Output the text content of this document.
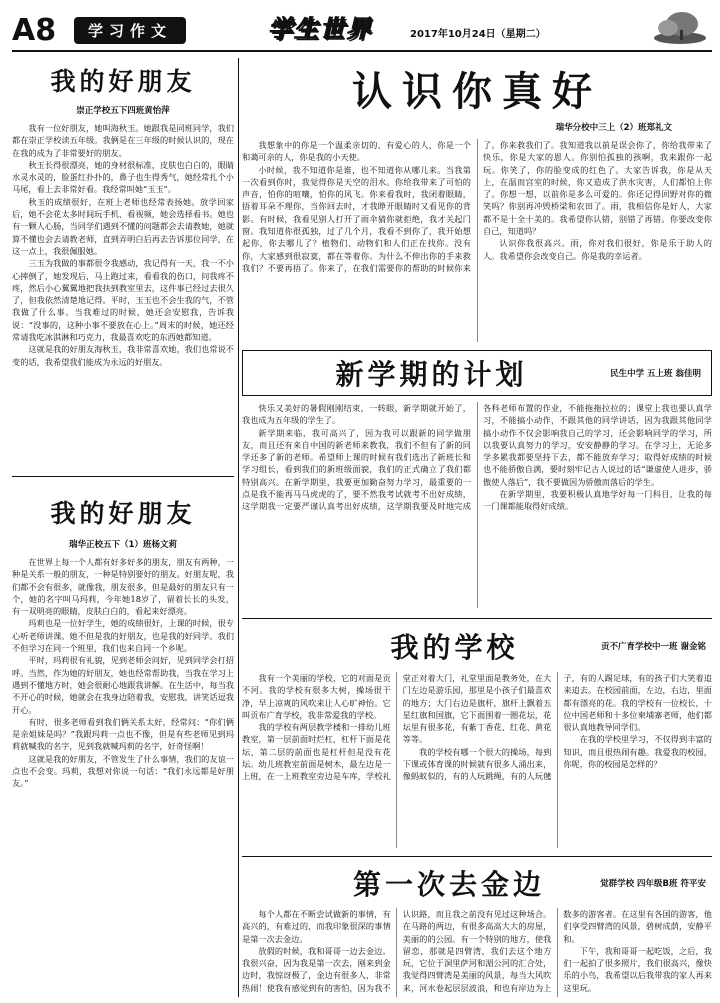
A8	学习作文	学生世界	2017年10月24日（星期二）
我的好朋友
崇正学校五下四班黄怡萍

我有一位好朋友，她叫海秋玉。她跟我是同班同学，我们都在崇正学校读五年级。我俩是在三年级的时候认识的，现在在我的成为了非常要好的朋友。

秋玉长得很漂亮，她的身材很标准，皮肤也白白的，眼睛水灵水灵的，脸蛋红扑扑的，鼻子也生得秀气，她经常扎个小马尾，看上去非常好看。我经常叫她“玉玉”。

秋玉的成绩很好，在班上老师也经常表扬她。放学回家后，她不会花太多时间玩手机、看视频，她会选择看书。她也有一颗人心肠，当同学们遇到不懂的问题都会去请教她，她就算不懂也会去请教老师，直到弄明白后再去告诉那位同学，在这一点上，我很佩服她。

三玉为我做的事都很令我感动，我记得有一天，我一不小心摔倒了，她发现后，马上跑过来，看看我的伤口，问我疼不疼，然后小心翼翼地把我扶到教室里去，这件事已经过去很久了，但我依然清楚地记得。平时，玉玉也不会生我的气，不管我做了什么事。当我难过的时候，她还会安慰我，告诉我说：“没事的，这种小事不要放在心上。”周末的时候，她还经常请我吃冰淇淋和巧克力，我最喜欢吃的东西她都知道。

这就是我的好朋友海秋玉，我非常喜欢她，我们也常说不变的话，我希望我们能成为永远的好朋友。

我的好朋友
瑞华正校五下（1）班杨文莉

在世界上每一个人都有好多好多的朋友，朋友有两种，一种是关系一般的朋友，一种是特别要好的朋友。好朋友呢，我们都不会有很多，就像我，朋友很多，但是最好的朋友只有一个，她的名字叫马玛莉，今年她18岁了，留着长长的头发，有一双明亮的眼睛，皮肤白白的，看起来好漂亮。

玛莉也是一位好学生，她的成绩很好，上课的时候，很专心听老师讲课。她不但是我的好朋友，也是我的好同学。我们不但学习在同一个班里，我们也来自同一个乡呢。

平时，玛莉很有礼貌，见到老师会问好，见到同学会打招呼。当然，作为她的好朋友，她也经常帮助我，当我在学习上遇到不懂地方时，她会很耐心地跟我讲解。在生活中，每当我不开心的时候，她就会在我身边陪着我，安慰我，讲笑话逗我开心。

有时，很多老师看到我们俩关系太好，经常问：“你们俩是亲姐妹是吗？”我跟玛莉一点也不像，但是有些老师见到玛莉就喊我的名字，见到我就喊玛莉的名字，好奇怪啊！

这就是我的好朋友，不管发生了什么事情，我们的友谊一点也不会变。玛莉，我想对你说一句话：“我们永远都是好朋友。”

认识你真好
瑞华分校中三上（2）班郑礼文

我想象中的你是一个温柔亲切的、有爱心的人，你是一个和蔼可亲的人，你是我的小天使。

小时候，我不知道你是谁，也不知道你从哪儿来。当我第一次看到你时，我觉得你是天空的泪水。你给我带来了可怕的声音，怕你的喧嚷，怕你的风飞。你来看我时，我闭着眼睛，捂着耳朵不理你，当你回去时，才我睁开眼睛时又看见你的背影。有时候，我看见别人打开了雨伞猜你就拒绝，我才关起门窗。我知道你很孤独，过了几个月，我看不到你了，我开始想起你，你去哪儿了？植物们、动物们和人们正在找你。没有你，大家感到很寂寞，都在等着你。为什么不伸出你的手来救我们？不要再捂了。你来了，在我们需要你的帮助的时候你来了。你来救我们了。我知道我以前是误会你了，你给我带来了快乐，你是大家的恩人。你别怕孤独的孩啊，我来跟你一起玩。你笑了，你的脸变成的红色了。大家告诉我，你是从天上，在温而宫室的时候，你又造成了洪水灾害，人们都怕上你了。你想一想，以前你是多么可爱的。你还记得回野对你的微笑吗？你别再冲毁桥梁和农田了。雨，我相信你是好人，大家都不是十全十美的。我希望你认错，别错了再错。你要改变你自己，知道吗？

认识你我很高兴。雨，你对我们很好，你是乐于助人的人。我希望你会改变自己。你是我的幸运者。

新学期的计划	民生中学 五上班 翁佳明

快乐又美好的暑假刚刚结束，一转眼，新学期就开始了，我也成为五年级的学生了。

新学期来临，我可高兴了，因为我可以跟新的同学做朋友，而且还有来自中国的新老师来教我，我们不但有了新的同学还多了新的老师。希望师上课的时候有我们选出了新班长和学习组长，看到我们的新班级面貌，我们的正式确立了我们都特别高兴。在新学期里，我要更加勤奋努力学习，最重要的一点是我不能再马马虎虎的了，要不然我考试就考不出好成绩，这学期我一定要严谨认真考出好成绩，这学期我要及时地完成各科老师布置的作业，不能拖拖拉拉的；课堂上我也要认真学习，不能搞小动作，不跟其他的同学讲话，因为我跟其他同学搞小动作不仅会影响我自己的学习，还会影响同学的学习，所以我要认真努力的学习，安安静静的学习。在学习上，无论多学多累我都要坚持下去，都不能放弃学习；取得好成绩的时候也不能骄傲自满，要时刻牢记古人说过的话“谦虚使人进步，骄傲使人落后”，我不要做因为骄傲而落后的学生。

在新学期里，我要积极认真地学好每一门科目，让我的每一门课都能取得好成绩。

我的学校	贡不广育学校中一班 谢金铭

我有一个美丽的学校，它的对面是贡不河。我的学校有很多大树，操场很干净，早上凉爽的风吹来让人心旷神怡。它叫贡布广育学校，我非常爱我的学校。

我的学校有两层教学楼和一排幼儿班教室，第一层前面时烂杠，杠杆下面是花坛，第二层的前面也是杠杆但是没有花坛。幼儿班教室前面是树木，最左边是一上班，在一上班教室旁边是车库，学校礼堂正对着大门，礼堂里面是教务处，在大门左边是游乐园，那里是小孩子们最喜欢的地方；大门右边是旗杆，旗杆上飘着五星红旗和国旗，它下面围着一圈花坛，花坛里有很多花，有紫丁香花、红花、黄花等等。

我的学校有哪一个很大的操场，每到下课或体育课的时候就有很多人涌出来，像蚂蚁似的，有的人玩跳绳，有的人玩毽子，有的人踢足球，有的孩子们大笑着追来追去。在校园前面，左边，右边，里面都有漂亮的花。我的学校有一位校长，十位中国老师和十多位柬埔寨老师，他们都很认真地教导同学们。

在我的学校里学习，不仅得到丰富的知识，而且很热闹有趣。我爱我的校园，你呢，你的校园是怎样的？

第一次去金边	觉群学校 四年级B班 符平安

每个人都在不断尝试做新的事情，有高兴的，有难过的，而我印象很深的事情是第一次去金边。

放假的时候，我和哥哥一边去金边。我很兴奋，因为我是第一次去，刚来到金边时，我惊讶极了，金边有很多人，非常热闹！使我有感觉到有的害怕，因为我不认识路，而且我之前没有见过这种场合。在马路的两边，有很多高高大大的房屋，美丽的的公园。有一个特别的地方，使我留恋，那就是四臂湾，我们去这个地方玩，它位于洞里萨河和湄公河的汇合处，我觉得四臂湾是美丽的风景，每当大风吹来，河水卷起层层波浪，和也有岸边为上数多的游客者。在这里有各国的游客，他们享受四臂湾的风景，碧树成荫，安静平和。

下午，我和哥哥一起吃饭，之后，我们一起拍了很多照片，我们很高兴，像快乐的小鸟，我希望以后我带我的家人再来这里玩。
